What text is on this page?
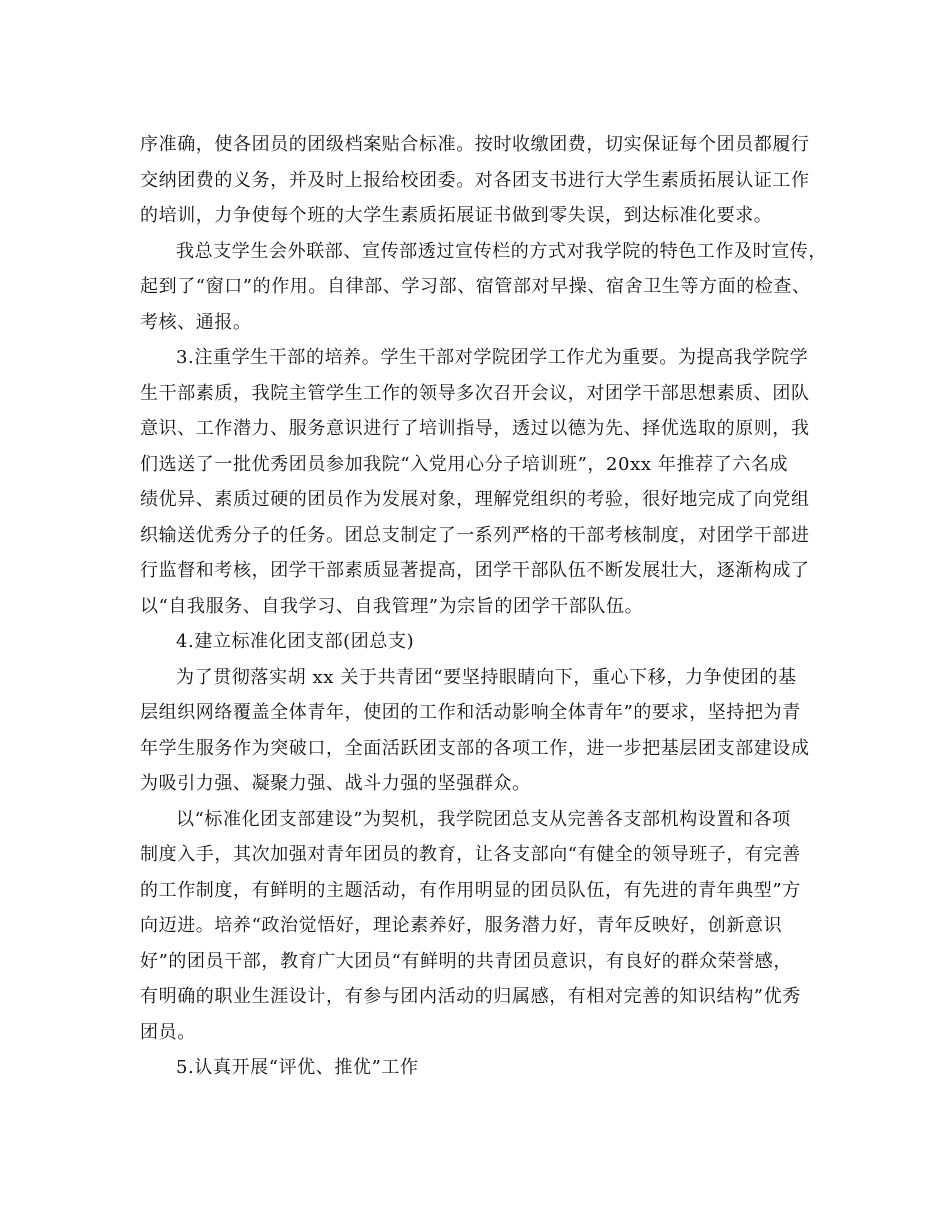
序准确，使各团员的团级档案贴合标准。按时收缴团费，切实保证每个团员都履行
交纳团费的义务，并及时上报给校团委。对各团支书进行大学生素质拓展认证工作
的培训，力争使每个班的大学生素质拓展证书做到零失误，到达标准化要求。
我总支学生会外联部、宣传部透过宣传栏的方式对我学院的特色工作及时宣传，
起到了“窗口”的作用。自律部、学习部、宿管部对早操、宿舍卫生等方面的检查、
考核、通报。
3.注重学生干部的培养。学生干部对学院团学工作尤为重要。为提高我学院学
生干部素质，我院主管学生工作的领导多次召开会议，对团学干部思想素质、团队
意识、工作潜力、服务意识进行了培训指导，透过以德为先、择优选取的原则，我
们选送了一批优秀团员参加我院“入党用心分子培训班”，20xx 年推荐了六名成
绩优异、素质过硬的团员作为发展对象，理解党组织的考验，很好地完成了向党组
织输送优秀分子的任务。团总支制定了一系列严格的干部考核制度，对团学干部进
行监督和考核，团学干部素质显著提高，团学干部队伍不断发展壮大，逐渐构成了
以“自我服务、自我学习、自我管理”为宗旨的团学干部队伍。
4.建立标准化团支部(团总支)
为了贯彻落实胡 xx 关于共青团“要坚持眼睛向下，重心下移，力争使团的基
层组织网络覆盖全体青年，使团的工作和活动影响全体青年”的要求，坚持把为青
年学生服务作为突破口，全面活跃团支部的各项工作，进一步把基层团支部建设成
为吸引力强、凝聚力强、战斗力强的坚强群众。
以“标准化团支部建设”为契机，我学院团总支从完善各支部机构设置和各项
制度入手，其次加强对青年团员的教育，让各支部向“有健全的领导班子，有完善
的工作制度，有鲜明的主题活动，有作用明显的团员队伍，有先进的青年典型”方
向迈进。培养“政治觉悟好，理论素养好，服务潜力好，青年反映好，创新意识
好”的团员干部，教育广大团员“有鲜明的共青团员意识，有良好的群众荣誉感，
有明确的职业生涯设计，有参与团内活动的归属感，有相对完善的知识结构”优秀
团员。
5.认真开展“评优、推优”工作
